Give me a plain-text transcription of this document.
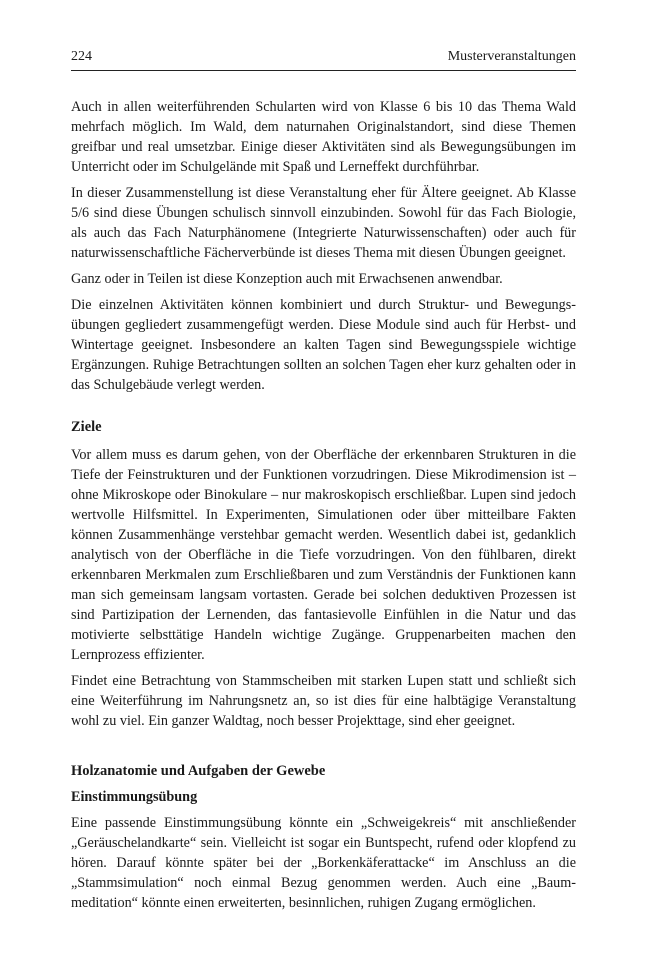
224	Musterveranstaltungen

Auch in allen weiterführenden Schularten wird von Klasse 6 bis 10 das Thema Wald mehrfach möglich. Im Wald, dem naturnahen Originalstandort, sind diese Themen greifbar und real umsetzbar. Einige dieser Aktivitäten sind als Bewegungsübungen im Unterricht oder im Schulgelände mit Spaß und Lerneffekt durchführbar.

In dieser Zusammenstellung ist diese Veranstaltung eher für Ältere geeignet. Ab Klasse 5/6 sind diese Übungen schulisch sinnvoll einzubinden. Sowohl für das Fach Biologie, als auch das Fach Naturphänomene (Integrierte Naturwissenschaften) oder auch für naturwissenschaftliche Fächerverbünde ist dieses Thema mit diesen Übungen geeignet.

Ganz oder in Teilen ist diese Konzeption auch mit Erwachsenen anwendbar.

Die einzelnen Aktivitäten können kombiniert und durch Struktur- und Bewegungsübungen gegliedert zusammengefügt werden. Diese Module sind auch für Herbst- und Wintertage geeignet. Insbesondere an kalten Tagen sind Bewegungsspiele wichtige Ergänzungen. Ruhige Betrachtungen sollten an solchen Tagen eher kurz gehalten oder in das Schulgebäude verlegt werden.

Ziele

Vor allem muss es darum gehen, von der Oberfläche der erkennbaren Strukturen in die Tiefe der Feinstrukturen und der Funktionen vorzudringen. Diese Mikrodimension ist – ohne Mikroskope oder Binokulare – nur makroskopisch erschließbar. Lupen sind jedoch wertvolle Hilfsmittel. In Experimenten, Simulationen oder über mitteilbare Fakten können Zusammenhänge verstehbar gemacht werden. Wesentlich dabei ist, gedanklich analytisch von der Oberfläche in die Tiefe vorzudringen. Von den fühlbaren, direkt erkennbaren Merkmalen zum Erschließbaren und zum Verständnis der Funktionen kann man sich gemeinsam langsam vortasten. Gerade bei solchen deduktiven Prozessen ist sind Partizipation der Lernenden, das fantasievolle Einfühlen in die Natur und das motivierte selbsttätige Handeln wichtige Zugänge. Gruppenarbeiten machen den Lernprozess effizienter.

Findet eine Betrachtung von Stammscheiben mit starken Lupen statt und schließt sich eine Weiterführung im Nahrungsnetz an, so ist dies für eine halbtägige Veranstaltung wohl zu viel. Ein ganzer Waldtag, noch besser Projekttage, sind eher geeignet.

Holzanatomie und Aufgaben der Gewebe
Einstimmungsübung

Eine passende Einstimmungsübung könnte ein „Schweigekreis“ mit anschließender „Geräuschelandkarte“ sein. Vielleicht ist sogar ein Buntspecht, rufend oder klopfend zu hören. Darauf könnte später bei der „Borkenkäferattacke“ im Anschluss an die „Stammsimulation“ noch einmal Bezug genommen werden. Auch eine „Baummeditation“ könnte einen erweiterten, besinnlichen, ruhigen Zugang ermöglichen.
